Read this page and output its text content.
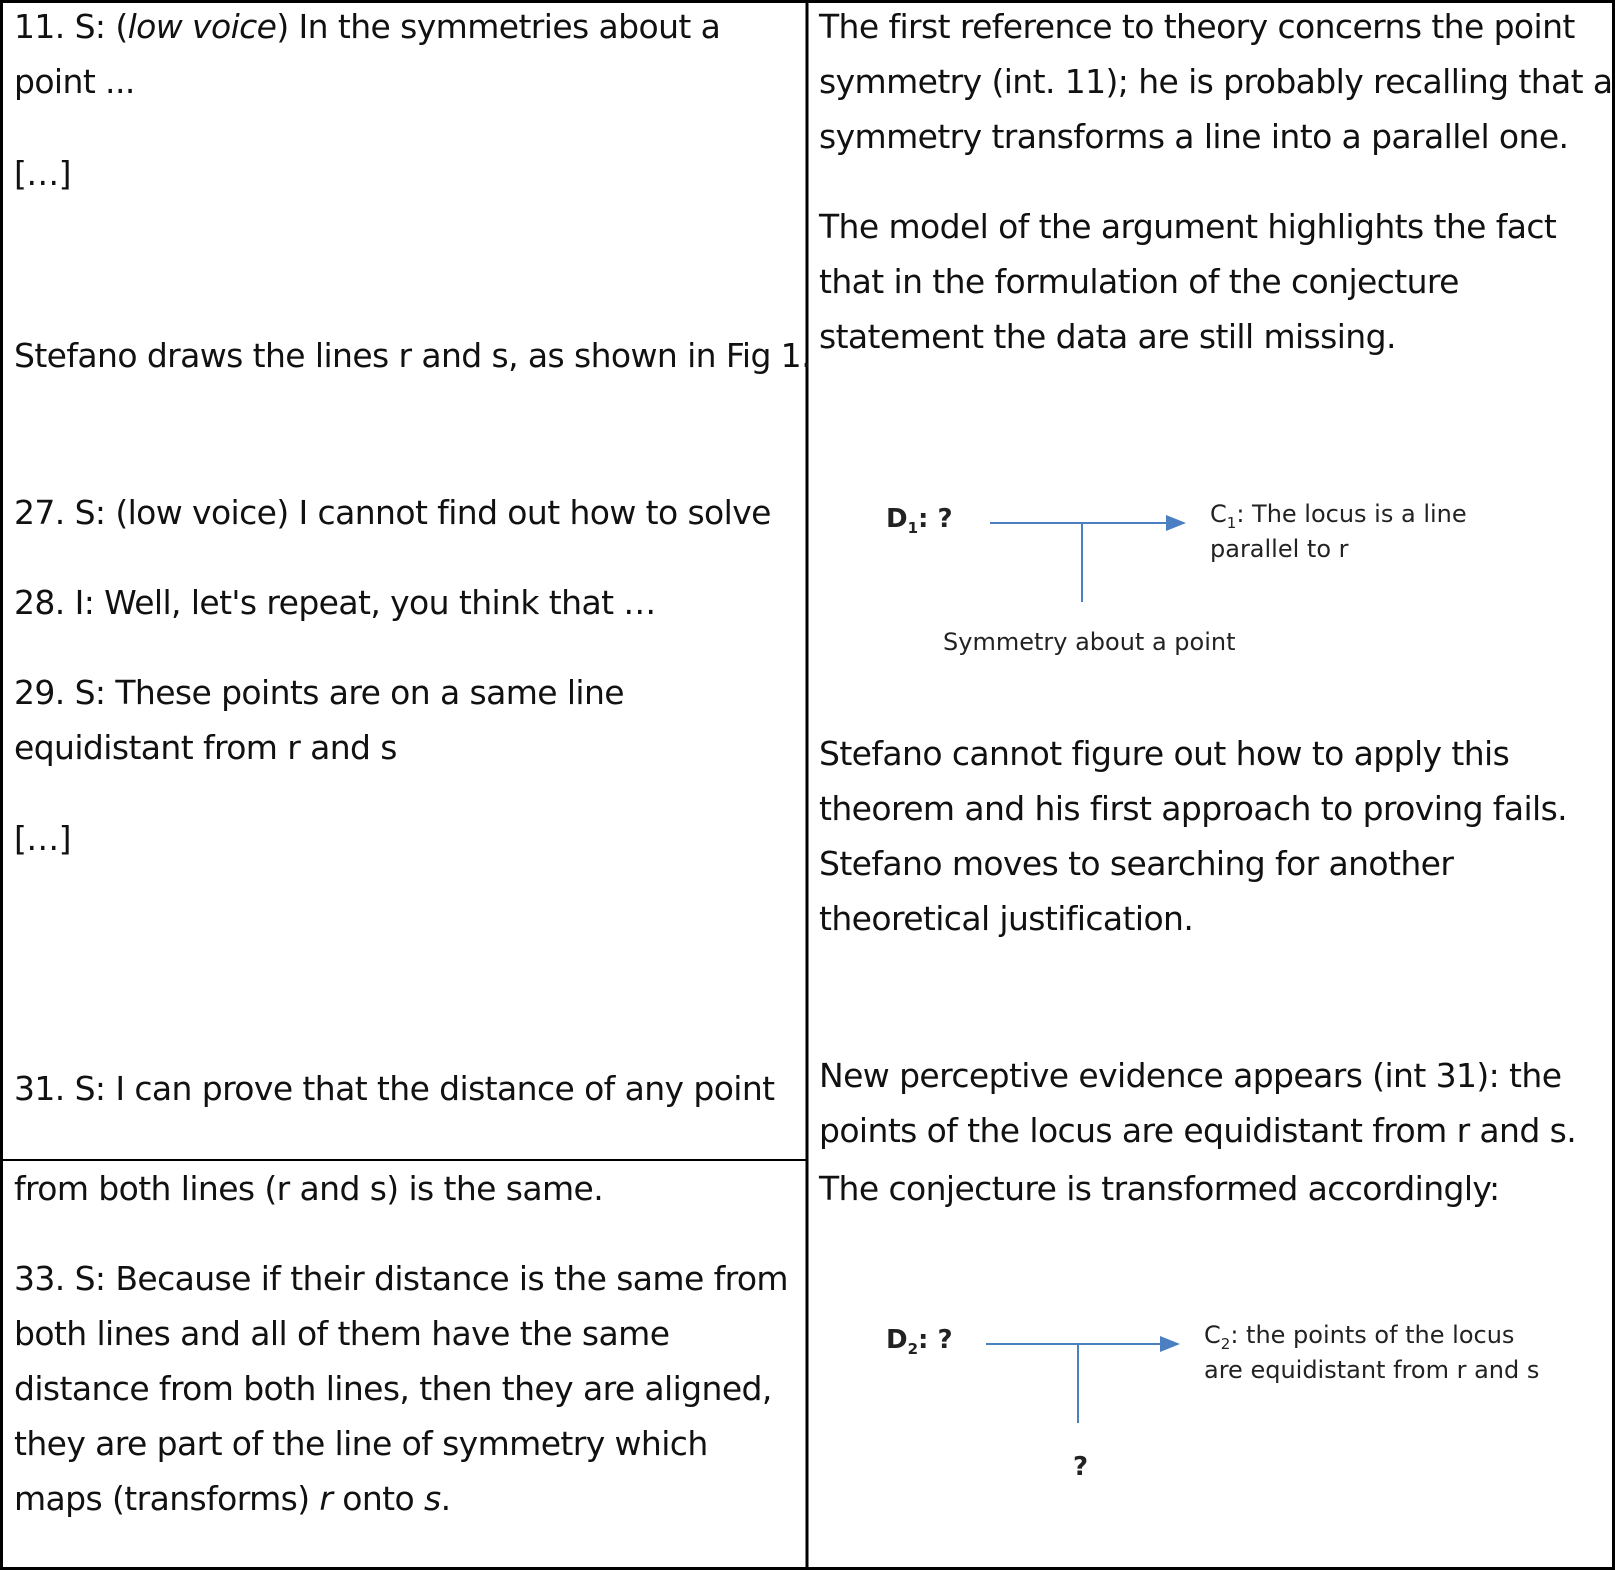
11. S: (low voice) In the symmetries about a
point ...
[…]
Stefano draws the lines r and s, as shown in Fig 1.
27. S: (low voice) I cannot find out how to solve
28. I: Well, let's repeat, you think that …
29. S: These points are on a same line
equidistant from r and s
[…]
31. S: I can prove that the distance of any point
from both lines (r and s) is the same.
33. S: Because if their distance is the same from
both lines and all of them have the same
distance from both lines, then they are aligned,
they are part of the line of symmetry which
maps (transforms) r onto s.
The first reference to theory concerns the point
symmetry (int. 11); he is probably recalling that a
symmetry transforms a line into a parallel one.
The model of the argument highlights the fact
that in the formulation of the conjecture
statement the data are still missing.
Stefano cannot figure out how to apply this
theorem and his first approach to proving fails.
Stefano moves to searching for another
theoretical justification.
New perceptive evidence appears (int 31): the
points of the locus are equidistant from r and s.
The conjecture is transformed accordingly:
$D_1$: ?	$C_1$: The locus is a line
parallel to r
Symmetry about a point
$D_2$: ?	$C_2$: the points of the locus
are equidistant from r and s
?
